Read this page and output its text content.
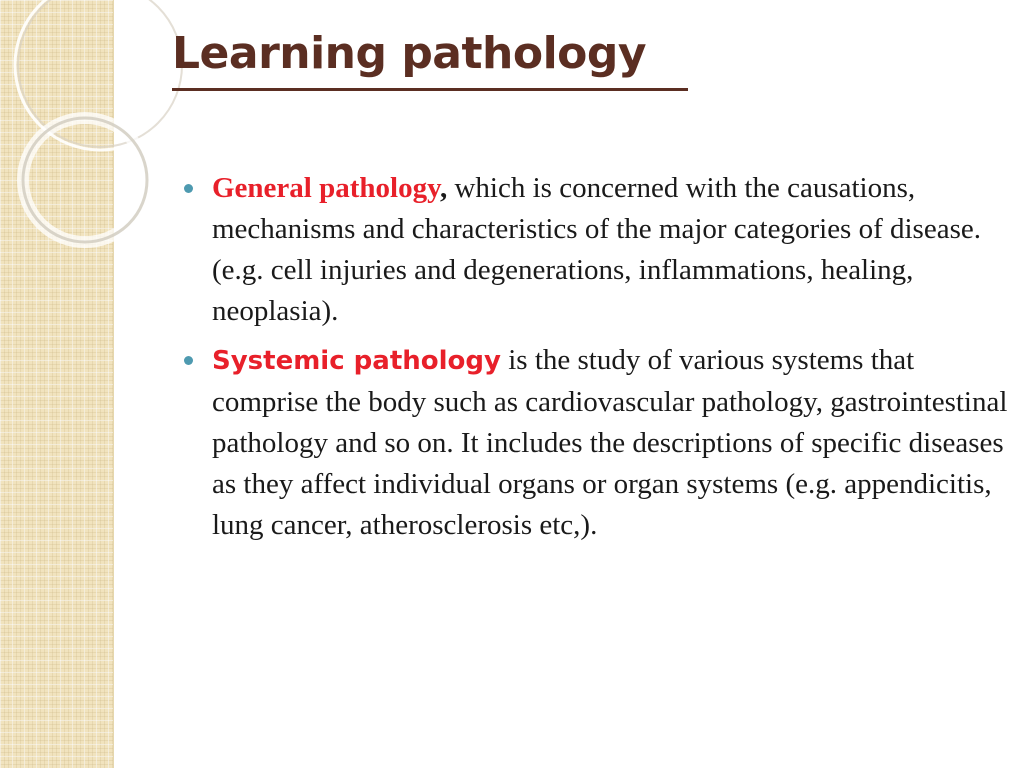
Learning pathology

General pathology, which is concerned with the causations, mechanisms and characteristics of the major categories of disease. (e.g. cell injuries and degenerations, inflammations, healing, neoplasia).

Systemic pathology is the study of various systems that comprise the body such as cardiovascular pathology, gastrointestinal pathology and so on. It includes the descriptions of specific diseases as they affect individual organs or organ systems (e.g. appendicitis, lung cancer, atherosclerosis etc,).
